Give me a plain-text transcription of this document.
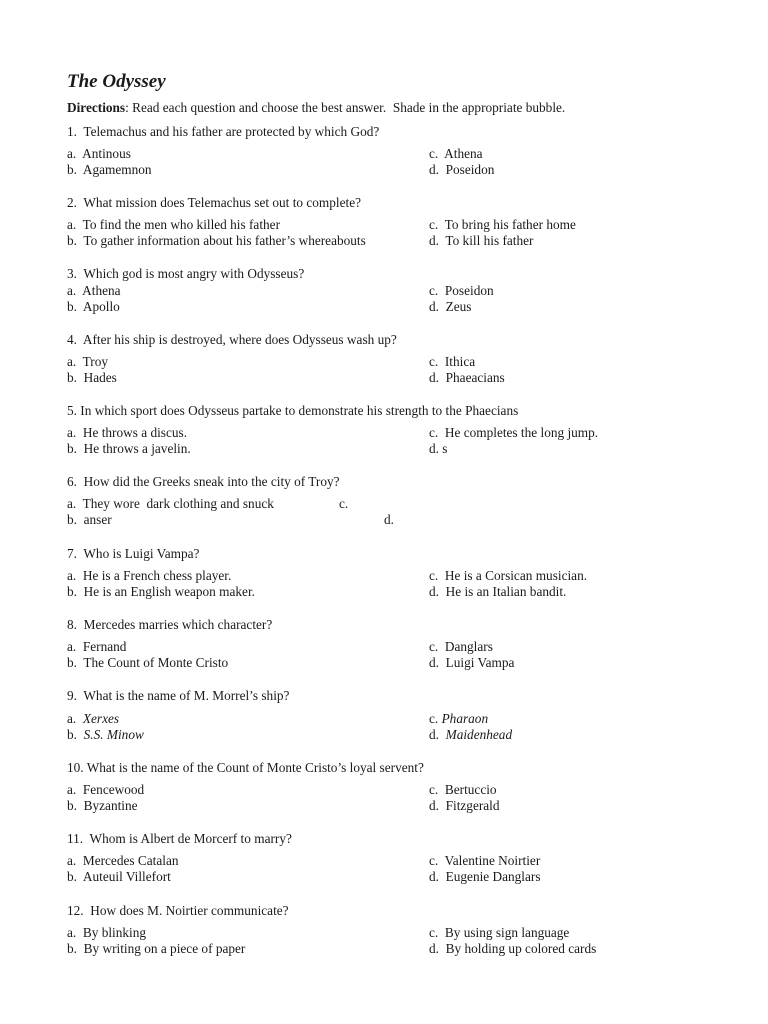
The Odyssey
Directions: Read each question and choose the best answer.  Shade in the appropriate bubble.
1.  Telemachus and his father are protected by which God?

a.  Antinous

	c.  Athena

b.  Agamemnon

	d.  Poseidon

2.  What mission does Telemachus set out to complete?

a.  To find the men who killed his father

	c.  To bring his father home

b.  To gather information about his father’s whereabouts

	d.  To kill his father

3.  Which god is most angry with Odysseus?

a.  Athena

	c.  Poseidon

b.  Apollo

	d.  Zeus

4.  After his ship is destroyed, where does Odysseus wash up?

a.  Troy

	c.  Ithica

b.  Hades

	d.  Phaeacians

5. In which sport does Odysseus partake to demonstrate his strength to the Phaecians

a.  He throws a discus.

	c.  He completes the long jump.

b.  He throws a javelin.

	d. s

6.  How did the Greeks sneak into the city of Troy?

a.  They wore  dark clothing and snuck

	c.

b.  anser

	d.

7.  Who is Luigi Vampa?

a.  He is a French chess player.

	c.  He is a Corsican musician.

b.  He is an English weapon maker.

	d.  He is an Italian bandit.

8.  Mercedes marries which character?

a.  Fernand

	c.  Danglars

b.  The Count of Monte Cristo

	d.  Luigi Vampa

9.  What is the name of M. Morrel’s ship?

a.  Xerxes

	c. Pharaon

b.  S.S. Minow

	d.  Maidenhead

10. What is the name of the Count of Monte Cristo’s loyal servent?

a.  Fencewood

	c.  Bertuccio

b.  Byzantine

	d.  Fitzgerald

11.  Whom is Albert de Morcerf to marry?

a.  Mercedes Catalan

	c.  Valentine Noirtier

b.  Auteuil Villefort

	d.  Eugenie Danglars

12.  How does M. Noirtier communicate?

a.  By blinking

	c.  By using sign language

b.  By writing on a piece of paper

	d.  By holding up colored cards
